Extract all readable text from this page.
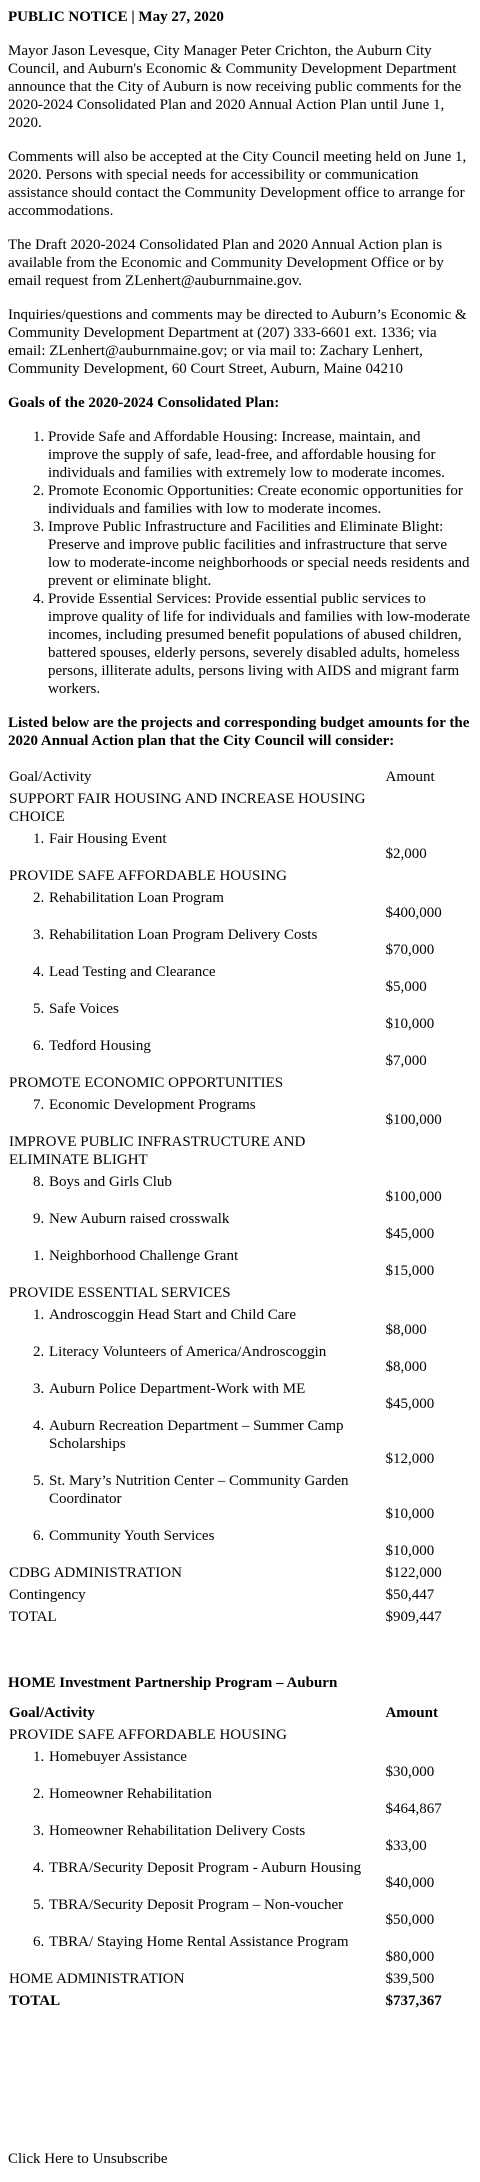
PUBLIC NOTICE | May 27, 2020

Mayor Jason Levesque, City Manager Peter Crichton, the Auburn City Council, and Auburn's Economic & Community Development Department announce that the City of Auburn is now receiving public comments for the 2020-2024 Consolidated Plan and 2020 Annual Action Plan until June 1, 2020.

Comments will also be accepted at the City Council meeting held on June 1, 2020. Persons with special needs for accessibility or communication assistance should contact the Community Development office to arrange for accommodations.

The Draft 2020-2024 Consolidated Plan and 2020 Annual Action plan is available from the Economic and Community Development Office or by email request from ZLenhert@auburnmaine.gov.

Inquiries/questions and comments may be directed to Auburn’s Economic & Community Development Department at (207) 333-6601 ext. 1336; via email: ZLenhert@auburnmaine.gov; or via mail to: Zachary Lenhert, Community Development, 60 Court Street, Auburn, Maine 04210

Goals of the 2020-2024 Consolidated Plan:
1. Provide Safe and Affordable Housing: Increase, maintain, and improve the supply of safe, lead-free, and affordable housing for individuals and families with extremely low to moderate incomes.
2. Promote Economic Opportunities: Create economic opportunities for individuals and families with low to moderate incomes.
3. Improve Public Infrastructure and Facilities and Eliminate Blight: Preserve and improve public facilities and infrastructure that serve low to moderate-income neighborhoods or special needs residents and prevent or eliminate blight.
4. Provide Essential Services: Provide essential public services to improve quality of life for individuals and families with low-moderate incomes, including presumed benefit populations of abused children, battered spouses, elderly persons, severely disabled adults, homeless persons, illiterate adults, persons living with AIDS and migrant farm workers.
Listed below are the projects and corresponding budget amounts for the 2020 Annual Action plan that the City Council will consider:
Goal/Activity	Amount
SUPPORT FAIR HOUSING AND INCREASE HOUSING CHOICE	

1. Fair Housing Event	$2,000
PROVIDE SAFE AFFORDABLE HOUSING	

2. Rehabilitation Loan Program	$400,000

3. Rehabilitation Loan Program Delivery Costs	$70,000

4. Lead Testing and Clearance	$5,000

5. Safe Voices	$10,000

6. Tedford Housing	$7,000
PROMOTE ECONOMIC OPPORTUNITIES	

7. Economic Development Programs	$100,000
IMPROVE PUBLIC INFRASTRUCTURE AND ELIMINATE BLIGHT	

8. Boys and Girls Club	$100,000

9. New Auburn raised crosswalk	$45,000

1. Neighborhood Challenge Grant	$15,000
PROVIDE ESSENTIAL SERVICES	

1. Androscoggin Head Start and Child Care	$8,000

2. Literacy Volunteers of America/Androscoggin	$8,000

3. Auburn Police Department-Work with ME	$45,000

4. Auburn Recreation Department – Summer Camp Scholarships	$12,000

5. St. Mary’s Nutrition Center – Community Garden Coordinator	$10,000

6. Community Youth Services	$10,000
CDBG ADMINISTRATION	$122,000
Contingency	$50,447
TOTAL	$909,447
HOME Investment Partnership Program – Auburn
Goal/Activity	Amount
PROVIDE SAFE AFFORDABLE HOUSING	

1. Homebuyer Assistance	$30,000

2. Homeowner Rehabilitation	$464,867

3. Homeowner Rehabilitation Delivery Costs	$33,00

4. TBRA/Security Deposit Program - Auburn Housing	$40,000

5. TBRA/Security Deposit Program – Non-voucher	$50,000

6. TBRA/ Staying Home Rental Assistance Program	$80,000
HOME ADMINISTRATION	$39,500
TOTAL	$737,367
Click Here to Unsubscribe
